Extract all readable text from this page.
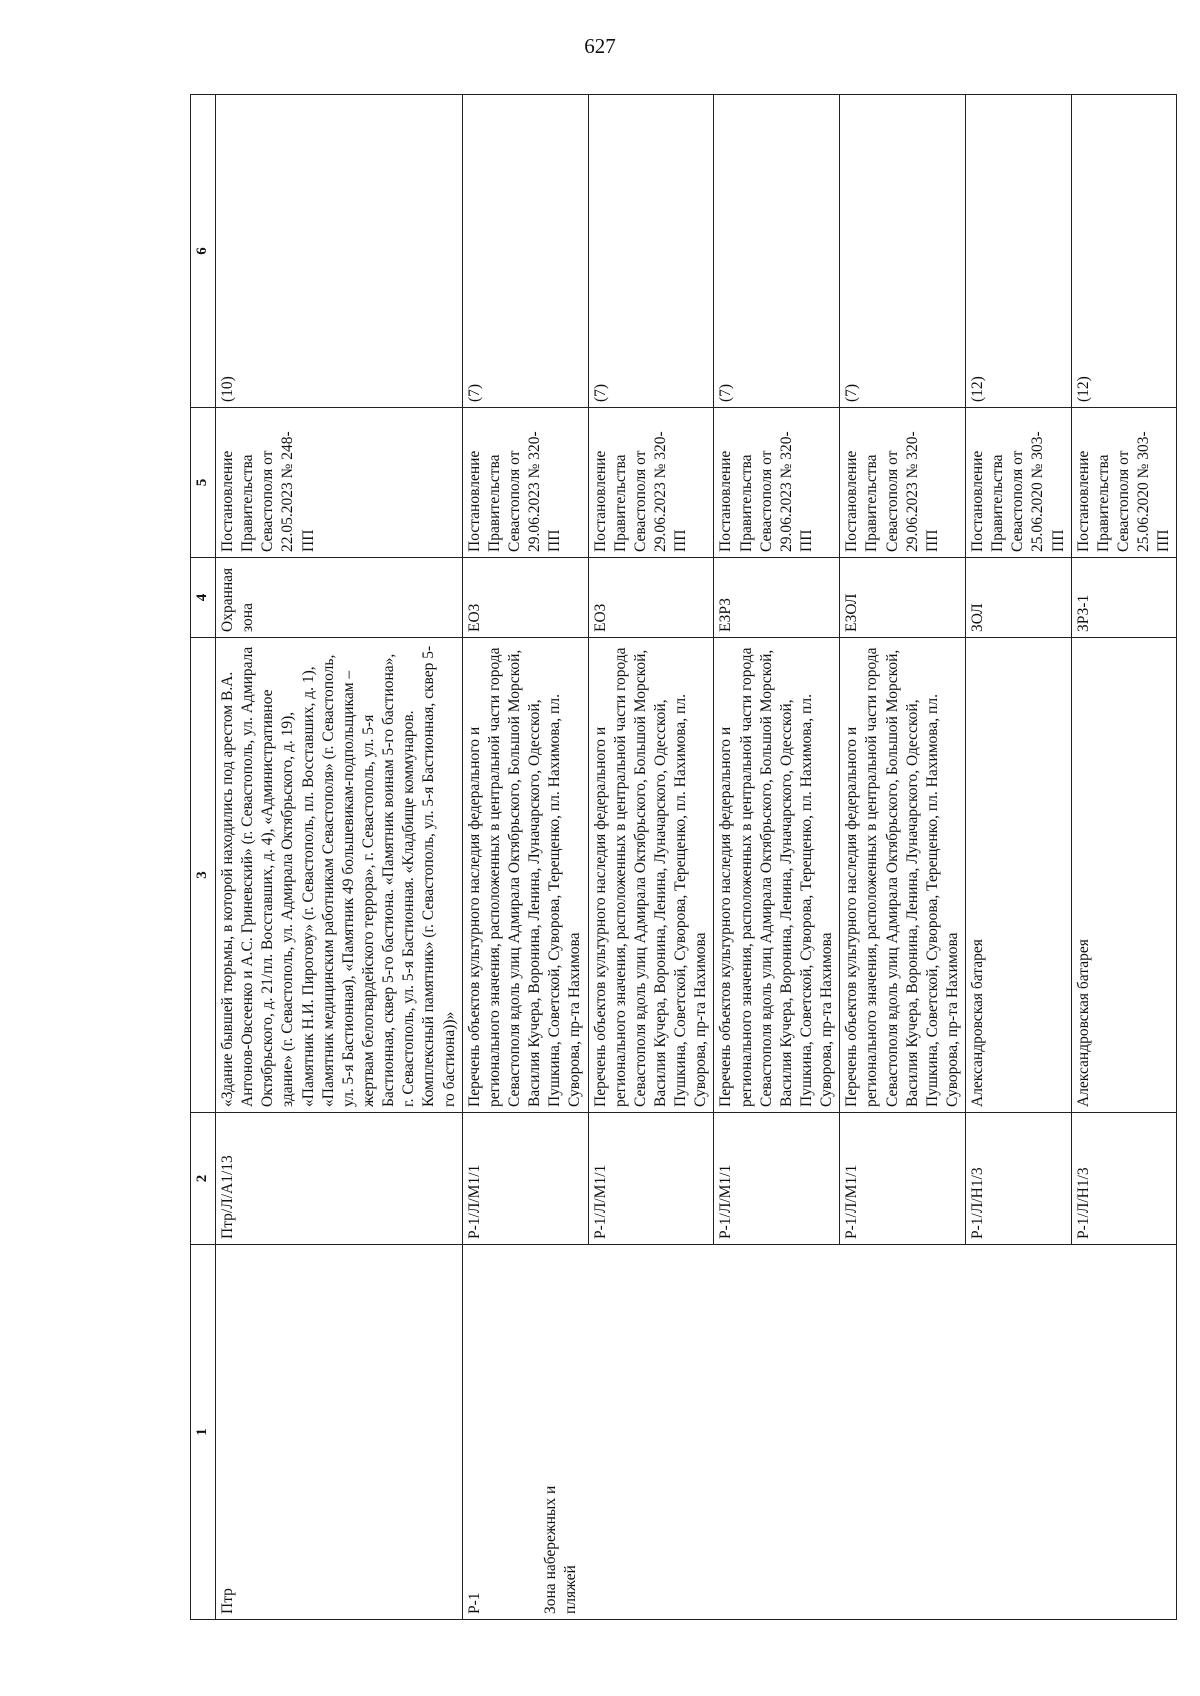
627
1	2	3	4	5	6

Птр	Птр/Л/А1/13	«Здание бывшей тюрьмы, в которой находились под арестом В.А. Антонов-Овсеенко и А.С. Гриневский» (г. Севастополь, ул. Адмирала Октябрьского, д. 21/пл. Восставших, д. 4), «Административное здание» (г. Севастополь, ул. Адмирала Октябрьского, д. 19), «Памятник Н.И. Пирогову» (г. Севастополь, пл. Восставших, д. 1), «Памятник медицинским работникам Севастополя» (г. Севастополь, ул. 5-я Бастионная), «Памятник 49 большевикам-подпольщикам – жертвам белогвардейского террора», г. Севастополь, ул. 5-я Бастионная, сквер 5-го бастиона. «Памятник воинам 5-го бастиона», г. Севастополь, ул. 5-я Бастионная. «Кладбище коммунаров. Комплексный памятник» (г. Севастополь, ул. 5-я Бастионная, сквер 5-го бастиона))»	Охранная зона	Постановление Правительства Севастополя от 22.05.2023 № 248-ПП	(10)

Р-1 Зона набережных и пляжей	Р-1/Л/М1/1	Перечень объектов культурного наследия федерального и регионального значения, расположенных в центральной части города Севастополя вдоль улиц Адмирала Октябрьского, Большой Морской, Василия Кучера, Воронина, Ленина, Луначарского, Одесской, Пушкина, Советской, Суворова, Терещенко, пл. Нахимова, пл. Суворова, пр-та Нахимова	ЕОЗ	Постановление Правительства Севастополя от 29.06.2023 № 320-ПП	(7)
	Р-1/Л/М1/1	Перечень объектов культурного наследия федерального и регионального значения, расположенных в центральной части города Севастополя вдоль улиц Адмирала Октябрьского, Большой Морской, Василия Кучера, Воронина, Ленина, Луначарского, Одесской, Пушкина, Советской, Суворова, Терещенко, пл. Нахимова, пл. Суворова, пр-та Нахимова	ЕОЗ	Постановление Правительства Севастополя от 29.06.2023 № 320-ПП	(7)
	Р-1/Л/М1/1	Перечень объектов культурного наследия федерального и регионального значения, расположенных в центральной части города Севастополя вдоль улиц Адмирала Октябрьского, Большой Морской, Василия Кучера, Воронина, Ленина, Луначарского, Одесской, Пушкина, Советской, Суворова, Терещенко, пл. Нахимова, пл. Суворова, пр-та Нахимова	ЕЗРЗ	Постановление Правительства Севастополя от 29.06.2023 № 320-ПП	(7)
	Р-1/Л/М1/1	Перечень объектов культурного наследия федерального и регионального значения, расположенных в центральной части города Севастополя вдоль улиц Адмирала Октябрьского, Большой Морской, Василия Кучера, Воронина, Ленина, Луначарского, Одесской, Пушкина, Советской, Суворова, Терещенко, пл. Нахимова, пл. Суворова, пр-та Нахимова	ЕЗОЛ	Постановление Правительства Севастополя от 29.06.2023 № 320-ПП	(7)
	Р-1/Л/Н1/3	Александровская батарея	ЗОЛ	Постановление Правительства Севастополя от 25.06.2020 № 303-ПП	(12)
	Р-1/Л/Н1/3	Александровская батарея	ЗРЗ-1	Постановление Правительства Севастополя от 25.06.2020 № 303-ПП	(12)
